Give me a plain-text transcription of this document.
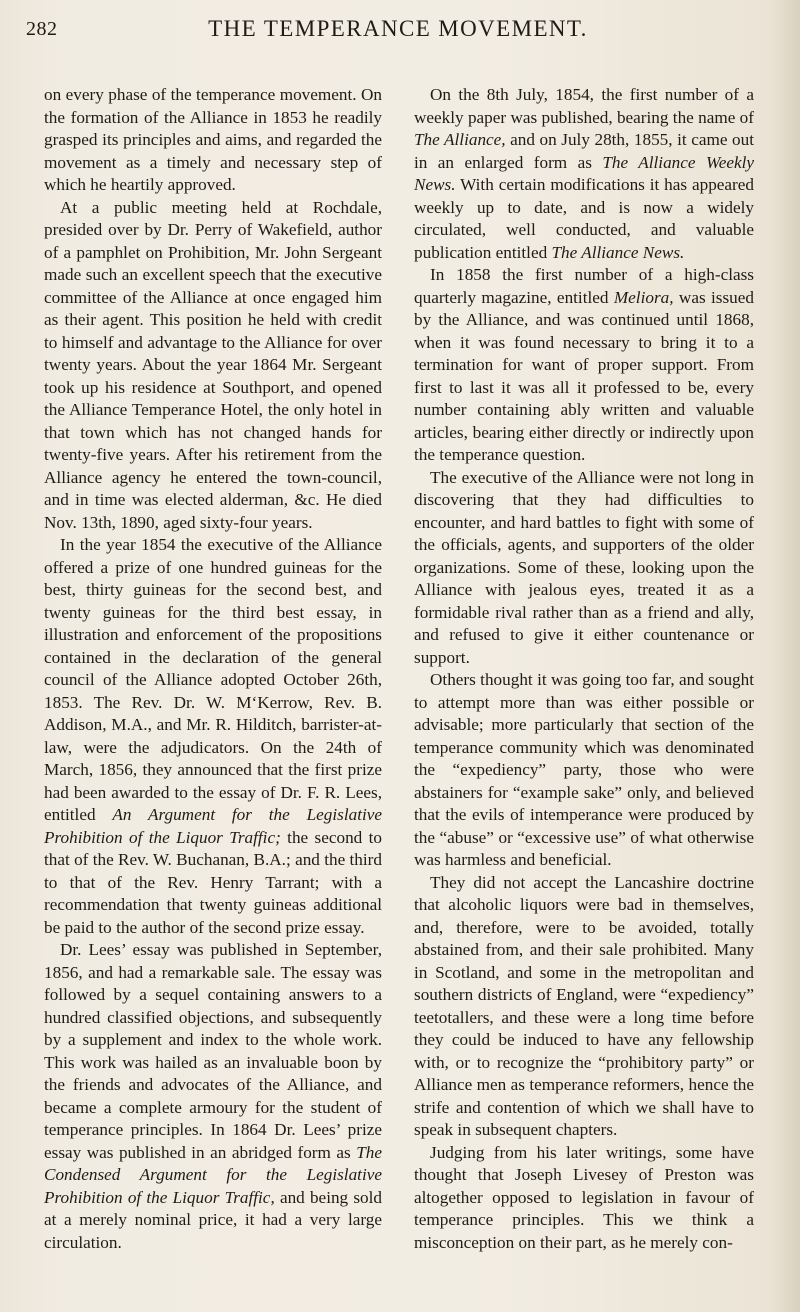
282	THE TEMPERANCE MOVEMENT.

on every phase of the temperance movement. On the formation of the Alliance in 1853 he readily grasped its principles and aims, and regarded the movement as a timely and necessary step of which he heartily approved.

At a public meeting held at Rochdale, presided over by Dr. Perry of Wakefield, author of a pamphlet on Prohibition, Mr. John Sergeant made such an excellent speech that the executive committee of the Alliance at once engaged him as their agent. This position he held with credit to himself and advantage to the Alliance for over twenty years. About the year 1864 Mr. Sergeant took up his residence at Southport, and opened the Alliance Temperance Hotel, the only hotel in that town which has not changed hands for twenty-five years. After his retirement from the Alliance agency he entered the town-council, and in time was elected alderman, &c. He died Nov. 13th, 1890, aged sixty-four years.

In the year 1854 the executive of the Alliance offered a prize of one hundred guineas for the best, thirty guineas for the second best, and twenty guineas for the third best essay, in illustration and enforcement of the propositions contained in the declaration of the general council of the Alliance adopted October 26th, 1853. The Rev. Dr. W. M‘Kerrow, Rev. B. Addison, M.A., and Mr. R. Hilditch, barrister-at-law, were the adjudicators. On the 24th of March, 1856, they announced that the first prize had been awarded to the essay of Dr. F. R. Lees, entitled An Argument for the Legislative Prohibition of the Liquor Traffic; the second to that of the Rev. W. Buchanan, B.A.; and the third to that of the Rev. Henry Tarrant; with a recommendation that twenty guineas additional be paid to the author of the second prize essay.

Dr. Lees’ essay was published in September, 1856, and had a remarkable sale. The essay was followed by a sequel containing answers to a hundred classified objections, and subsequently by a supplement and index to the whole work. This work was hailed as an invaluable boon by the friends and advocates of the Alliance, and became a complete armoury for the student of temperance principles. In 1864 Dr. Lees’ prize essay was published in an abridged form as The Condensed Argument for the Legislative Prohibition of the Liquor Traffic, and being sold at a merely nominal price, it had a very large circulation.

On the 8th July, 1854, the first number of a weekly paper was published, bearing the name of The Alliance, and on July 28th, 1855, it came out in an enlarged form as The Alliance Weekly News. With certain modifications it has appeared weekly up to date, and is now a widely circulated, well conducted, and valuable publication entitled The Alliance News.

In 1858 the first number of a high-class quarterly magazine, entitled Meliora, was issued by the Alliance, and was continued until 1868, when it was found necessary to bring it to a termination for want of proper support. From first to last it was all it professed to be, every number containing ably written and valuable articles, bearing either directly or indirectly upon the temperance question.

The executive of the Alliance were not long in discovering that they had difficulties to encounter, and hard battles to fight with some of the officials, agents, and supporters of the older organizations. Some of these, looking upon the Alliance with jealous eyes, treated it as a formidable rival rather than as a friend and ally, and refused to give it either countenance or support.

Others thought it was going too far, and sought to attempt more than was either possible or advisable; more particularly that section of the temperance community which was denominated the “expediency” party, those who were abstainers for “example sake” only, and believed that the evils of intemperance were produced by the “abuse” or “excessive use” of what otherwise was harmless and beneficial.

They did not accept the Lancashire doctrine that alcoholic liquors were bad in themselves, and, therefore, were to be avoided, totally abstained from, and their sale prohibited. Many in Scotland, and some in the metropolitan and southern districts of England, were “expediency” teetotallers, and these were a long time before they could be induced to have any fellowship with, or to recognize the “prohibitory party” or Alliance men as temperance reformers, hence the strife and contention of which we shall have to speak in subsequent chapters.

Judging from his later writings, some have thought that Joseph Livesey of Preston was altogether opposed to legislation in favour of temperance principles. This we think a misconception on their part, as he merely con-
